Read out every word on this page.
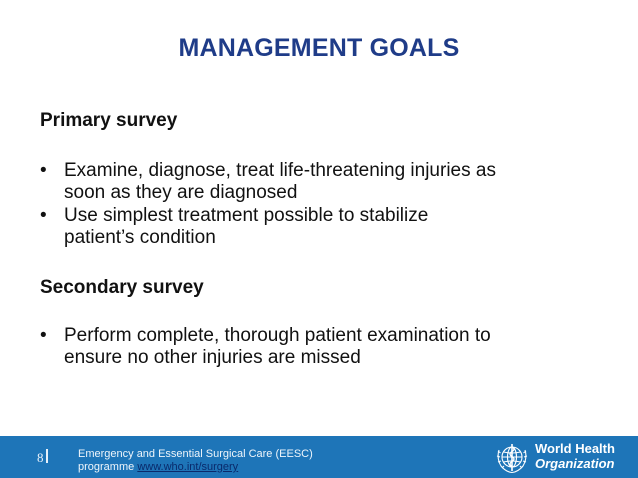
MANAGEMENT GOALS
Primary survey
• Examine, diagnose, treat life-threatening injuries as
soon as they are diagnosed
• Use simplest treatment possible to stabilize
patient’s condition
Secondary survey
• Perform complete, thorough patient examination to
ensure no other injuries are missed
8	Emergency and Essential Surgical Care (EESC)
programme www.who.int/surgery
World Health
Organization
